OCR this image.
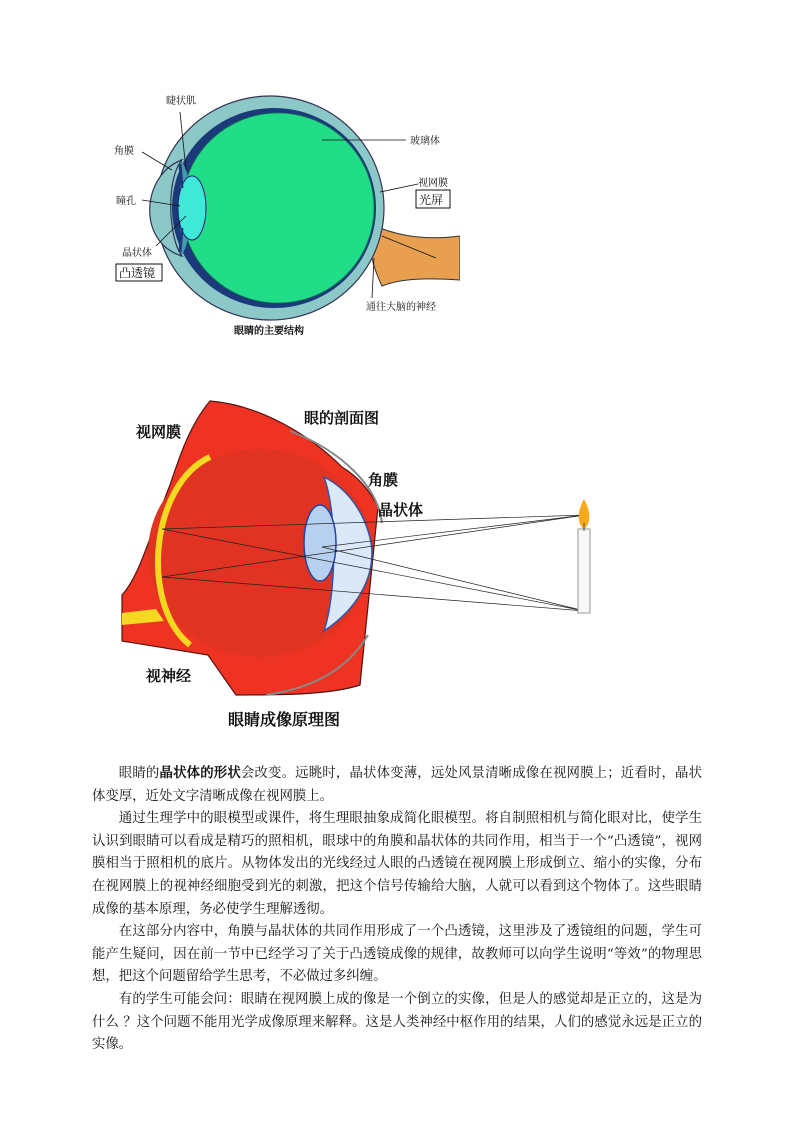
睫状肌
角膜
瞳孔
晶状体
凸透镜
玻璃体
视网膜
光屏
通往大脑的神经
眼睛的主要结构
视网膜
眼的剖面图
角膜
晶状体
视神经
眼睛成像原理图

眼睛的晶状体的形状会改变。远眺时，晶状体变薄，远处风景清晰成像在视网膜上；近看时，晶状体变厚，近处文字清晰成像在视网膜上。

通过生理学中的眼模型或课件，将生理眼抽象成简化眼模型。将自制照相机与简化眼对比，使学生认识到眼睛可以看成是精巧的照相机，眼球中的角膜和晶状体的共同作用，相当于一个“凸透镜”，视网膜相当于照相机的底片。从物体发出的光线经过人眼的凸透镜在视网膜上形成倒立、缩小的实像，分布在视网膜上的视神经细胞受到光的刺激，把这个信号传输给大脑，人就可以看到这个物体了。这些眼睛成像的基本原理，务必使学生理解透彻。

在这部分内容中，角膜与晶状体的共同作用形成了一个凸透镜，这里涉及了透镜组的问题，学生可能产生疑问，因在前一节中已经学习了关于凸透镜成像的规律，故教师可以向学生说明“等效”的物理思想，把这个问题留给学生思考，不必做过多纠缠。

有的学生可能会问：眼睛在视网膜上成的像是一个倒立的实像，但是人的感觉却是正立的，这是为什么 ？这个问题不能用光学成像原理来解释。这是人类神经中枢作用的结果，人们的感觉永远是正立的实像。
